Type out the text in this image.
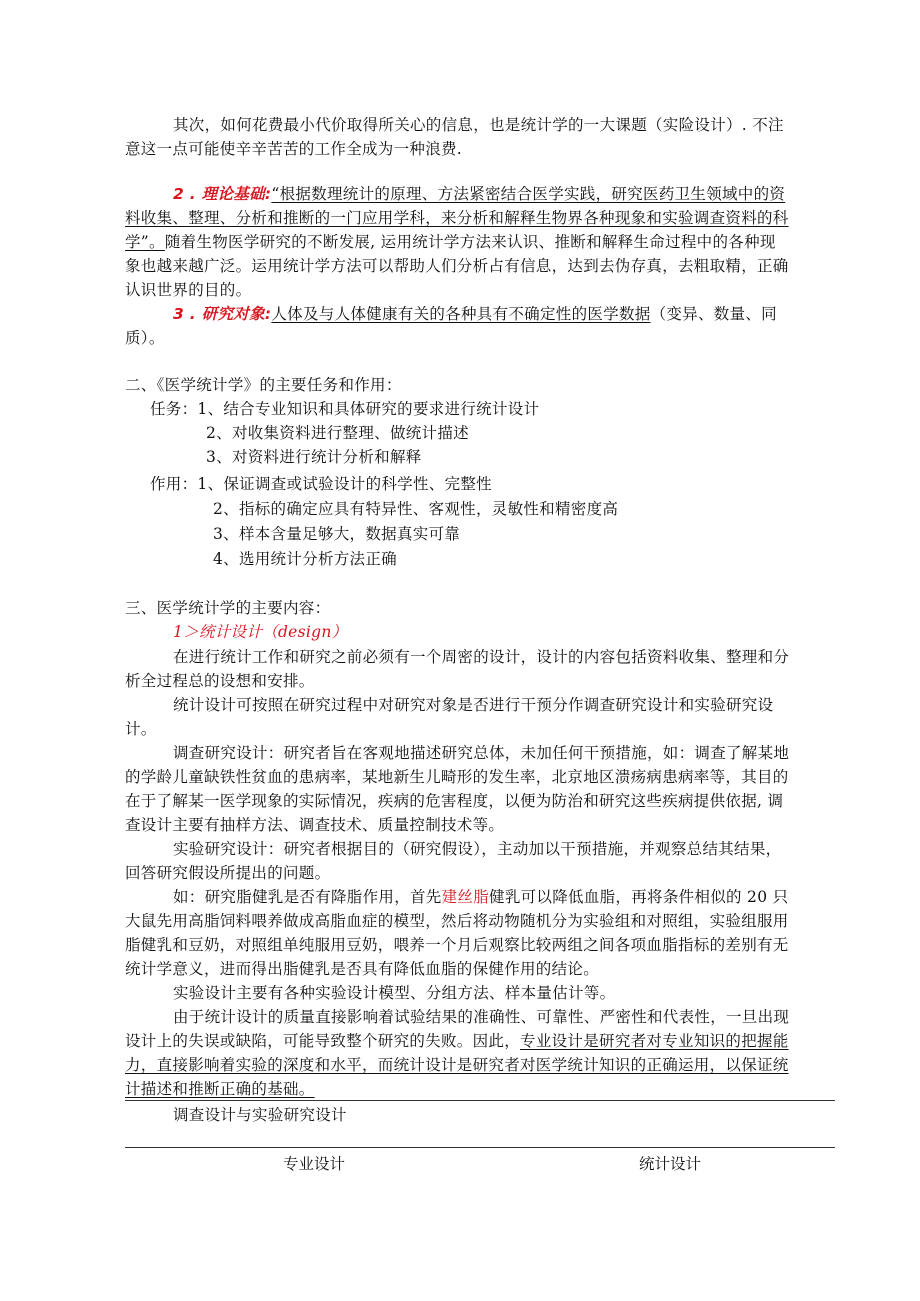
其次，如何花费最小代价取得所关心的信息，也是统计学的一大课题（实险设计）. 不注

意这一点可能使辛辛苦苦的工作全成为一种浪费.

2 . 理论基础:“根据数理统计的原理、方法紧密结合医学实践，研究医药卫生领域中的资

料收集、整理、分析和推断的一门应用学科，来分析和解释生物界各种现象和实验调查资料的科

学”。随着生物医学研究的不断发展, 运用统计学方法来认识、推断和解释生命过程中的各种现

象也越来越广泛。运用统计学方法可以帮助人们分析占有信息，达到去伪存真，去粗取精，正确

认识世界的目的。

3 . 研究对象:人体及与人体健康有关的各种具有不确定性的医学数据（变异、数量、同

质）。

二、《医学统计学》的主要任务和作用：

任务：1、结合专业知识和具体研究的要求进行统计设计

2、对收集资料进行整理、做统计描述

3、对资料进行统计分析和解释

作用：1、保证调查或试验设计的科学性、完整性

2、指标的确定应具有特异性、客观性，灵敏性和精密度高

3、样本含量足够大，数据真实可靠

4、选用统计分析方法正确

三、医学统计学的主要内容：

1＞统计设计（design）

在进行统计工作和研究之前必须有一个周密的设计，设计的内容包括资料收集、整理和分

析全过程总的设想和安排。

统计设计可按照在研究过程中对研究对象是否进行干预分作调查研究设计和实验研究设

计。

调查研究设计：研究者旨在客观地描述研究总体，未加任何干预措施，如：调查了解某地

的学龄儿童缺铁性贫血的患病率，某地新生儿畸形的发生率，北京地区溃疡病患病率等，其目的

在于了解某一医学现象的实际情况，疾病的危害程度，以便为防治和研究这些疾病提供依据, 调

查设计主要有抽样方法、调查技术、质量控制技术等。

实验研究设计：研究者根据目的（研究假设），主动加以干预措施，并观察总结其结果，

回答研究假设所提出的问题。

如：研究脂健乳是否有降脂作用，首先建丝脂健乳可以降低血脂，再将条件相似的 20 只

大鼠先用高脂饲料喂养做成高脂血症的模型，然后将动物随机分为实验组和对照组，实验组服用

脂健乳和豆奶，对照组单纯服用豆奶，喂养一个月后观察比较两组之间各项血脂指标的差别有无

统计学意义，进而得出脂健乳是否具有降低血脂的保健作用的结论。

实验设计主要有各种实验设计模型、分组方法、样本量估计等。

由于统计设计的质量直接影响着试验结果的准确性、可靠性、严密性和代表性，一旦出现

设计上的失误或缺陷，可能导致整个研究的失败。因此，专业设计是研究者对专业知识的把握能

力，直接影响着实验的深度和水平，而统计设计是研究者对医学统计知识的正确运用，以保证统

计描述和推断正确的基础。

调查设计与实验研究设计

专业设计	统计设计
